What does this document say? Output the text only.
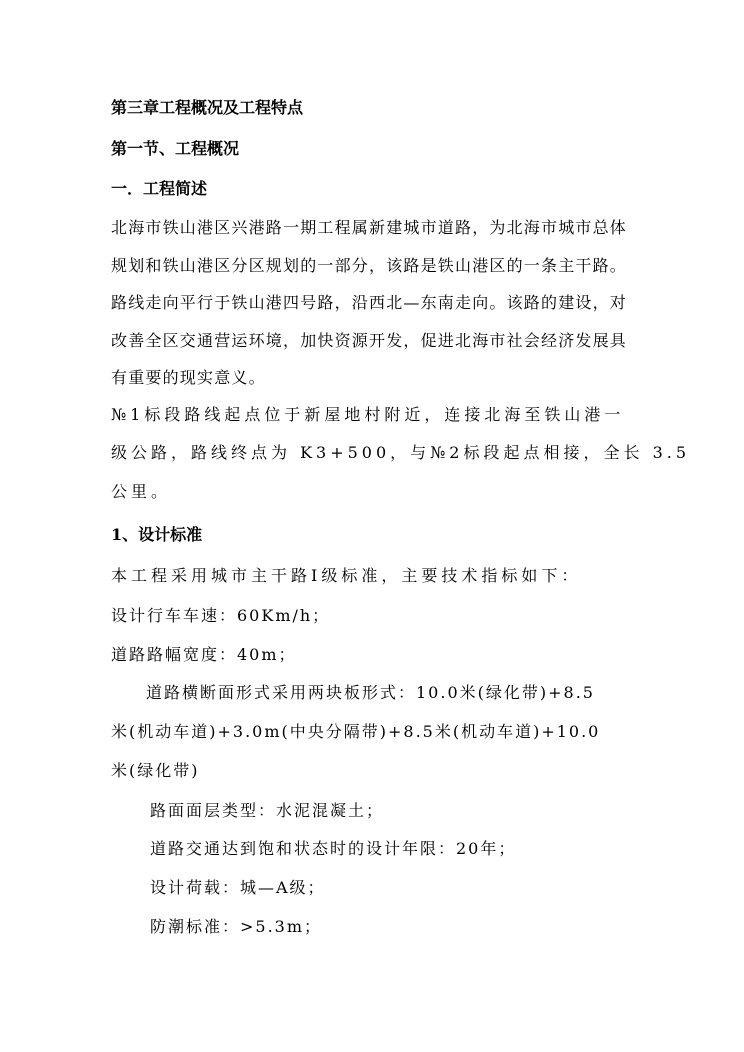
第三章工程概况及工程特点
第一节、工程概况
一．工程简述
北海市铁山港区兴港路一期工程属新建城市道路，为北海市城市总体
规划和铁山港区分区规划的一部分，该路是铁山港区的一条主干路。
路线走向平行于铁山港四号路，沿西北—东南走向。该路的建设，对
改善全区交通营运环境，加快资源开发，促进北海市社会经济发展具
有重要的现实意义。
№1标段路线起点位于新屋地村附近，连接北海至铁山港一
级公路，路线终点为 K3+500，与№2标段起点相接，全长 3.5
公里。
1、设计标准
本工程采用城市主干路Ⅰ级标准，主要技术指标如下：
设计行车车速：60Km/h；
道路路幅宽度：40m；
道路横断面形式采用两块板形式：10.0米(绿化带)+8.5
米(机动车道)+3.0m(中央分隔带)+8.5米(机动车道)+10.0
米(绿化带)
路面面层类型：水泥混凝土；
道路交通达到饱和状态时的设计年限：20年；
设计荷载：城—A级；
防潮标准：>5.3m；
